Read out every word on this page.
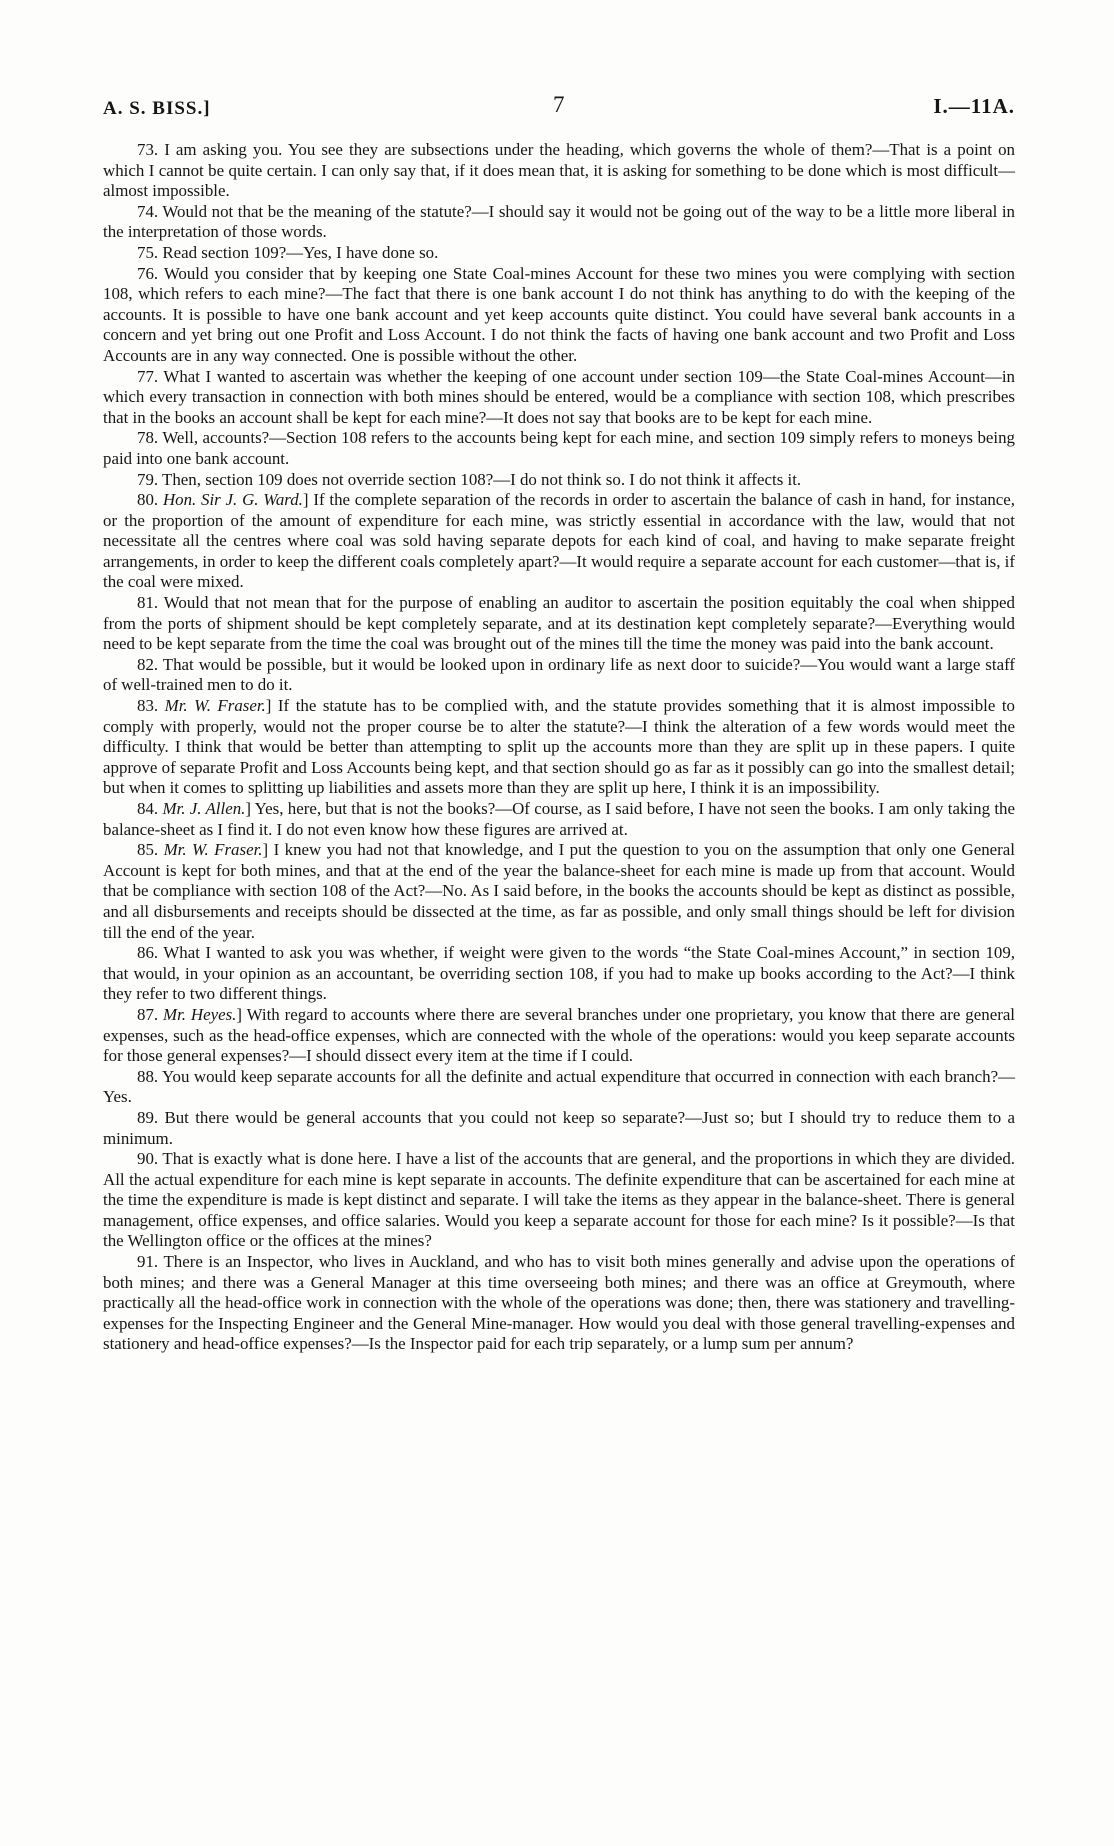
A. S. BISS.]	7	I.—11A.

73. I am asking you. You see they are subsections under the heading, which governs the whole of them?—That is a point on which I cannot be quite certain. I can only say that, if it does mean that, it is asking for something to be done which is most difficult—almost impossible.

74. Would not that be the meaning of the statute?—I should say it would not be going out of the way to be a little more liberal in the interpretation of those words.

75. Read section 109?—Yes, I have done so.

76. Would you consider that by keeping one State Coal-mines Account for these two mines you were complying with section 108, which refers to each mine?—The fact that there is one bank account I do not think has anything to do with the keeping of the accounts. It is possible to have one bank account and yet keep accounts quite distinct. You could have several bank accounts in a concern and yet bring out one Profit and Loss Account. I do not think the facts of having one bank account and two Profit and Loss Accounts are in any way connected. One is possible without the other.

77. What I wanted to ascertain was whether the keeping of one account under section 109—the State Coal-mines Account—in which every transaction in connection with both mines should be entered, would be a compliance with section 108, which prescribes that in the books an account shall be kept for each mine?—It does not say that books are to be kept for each mine.

78. Well, accounts?—Section 108 refers to the accounts being kept for each mine, and section 109 simply refers to moneys being paid into one bank account.

79. Then, section 109 does not override section 108?—I do not think so. I do not think it affects it.

80. Hon. Sir J. G. Ward.] If the complete separation of the records in order to ascertain the balance of cash in hand, for instance, or the proportion of the amount of expenditure for each mine, was strictly essential in accordance with the law, would that not necessitate all the centres where coal was sold having separate depots for each kind of coal, and having to make separate freight arrangements, in order to keep the different coals completely apart?—It would require a separate account for each customer—that is, if the coal were mixed.

81. Would that not mean that for the purpose of enabling an auditor to ascertain the position equitably the coal when shipped from the ports of shipment should be kept completely separate, and at its destination kept completely separate?—Everything would need to be kept separate from the time the coal was brought out of the mines till the time the money was paid into the bank account.

82. That would be possible, but it would be looked upon in ordinary life as next door to suicide?—You would want a large staff of well-trained men to do it.

83. Mr. W. Fraser.] If the statute has to be complied with, and the statute provides something that it is almost impossible to comply with properly, would not the proper course be to alter the statute?—I think the alteration of a few words would meet the difficulty. I think that would be better than attempting to split up the accounts more than they are split up in these papers. I quite approve of separate Profit and Loss Accounts being kept, and that section should go as far as it possibly can go into the smallest detail; but when it comes to splitting up liabilities and assets more than they are split up here, I think it is an impossibility.

84. Mr. J. Allen.] Yes, here, but that is not the books?—Of course, as I said before, I have not seen the books. I am only taking the balance-sheet as I find it. I do not even know how these figures are arrived at.

85. Mr. W. Fraser.] I knew you had not that knowledge, and I put the question to you on the assumption that only one General Account is kept for both mines, and that at the end of the year the balance-sheet for each mine is made up from that account. Would that be compliance with section 108 of the Act?—No. As I said before, in the books the accounts should be kept as distinct as possible, and all disbursements and receipts should be dissected at the time, as far as possible, and only small things should be left for division till the end of the year.

86. What I wanted to ask you was whether, if weight were given to the words “the State Coal-mines Account,” in section 109, that would, in your opinion as an accountant, be overriding section 108, if you had to make up books according to the Act?—I think they refer to two different things.

87. Mr. Heyes.] With regard to accounts where there are several branches under one proprietary, you know that there are general expenses, such as the head-office expenses, which are connected with the whole of the operations: would you keep separate accounts for those general expenses?—I should dissect every item at the time if I could.

88. You would keep separate accounts for all the definite and actual expenditure that occurred in connection with each branch?—Yes.

89. But there would be general accounts that you could not keep so separate?—Just so; but I should try to reduce them to a minimum.

90. That is exactly what is done here. I have a list of the accounts that are general, and the proportions in which they are divided. All the actual expenditure for each mine is kept separate in accounts. The definite expenditure that can be ascertained for each mine at the time the expenditure is made is kept distinct and separate. I will take the items as they appear in the balance-sheet. There is general management, office expenses, and office salaries. Would you keep a separate account for those for each mine? Is it possible?—Is that the Wellington office or the offices at the mines?

91. There is an Inspector, who lives in Auckland, and who has to visit both mines generally and advise upon the operations of both mines; and there was a General Manager at this time overseeing both mines; and there was an office at Greymouth, where practically all the head-office work in connection with the whole of the operations was done; then, there was stationery and travelling-expenses for the Inspecting Engineer and the General Mine-manager. How would you deal with those general travelling-expenses and stationery and head-office expenses?—Is the Inspector paid for each trip separately, or a lump sum per annum?
